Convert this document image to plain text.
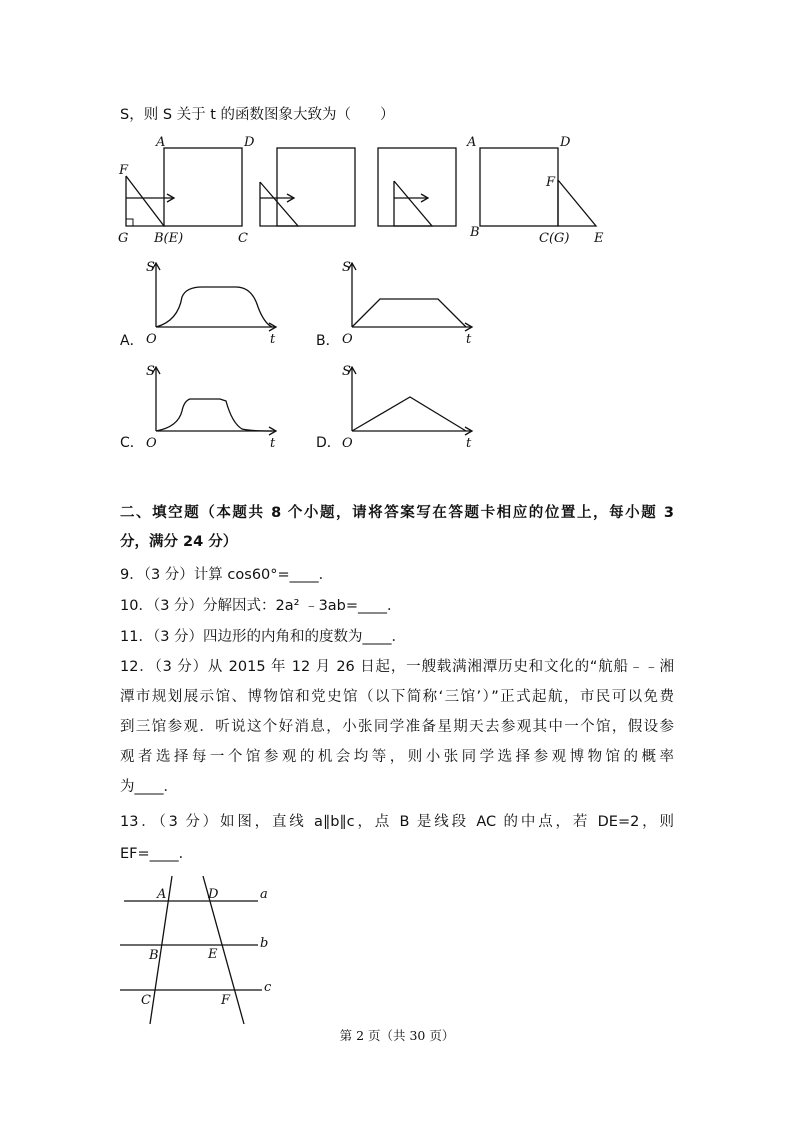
S，则 S 关于 t 的函数图象大致为（　　）
A	D
F
G B(E)	C
A	D
F
B	C(G) E
A．
S
t
O	B．
S
t
O
C．
S
t
O	D．
S
t
O
二、填空题（本题共 8 个小题，请将答案写在答题卡相应的位置上，每小题 3
分，满分 24 分）
9．（3 分）计算 cos60°=____．
10．（3 分）分解因式：2a² ﹣3ab=____．
11．（3 分）四边形的内角和的度数为____．
12．（3 分）从 2015 年 12 月 26 日起，一艘载满湘潭历史和文化的“航船﹣﹣湘
潭市规划展示馆、博物馆和党史馆（以下简称‘三馆’）”正式起航，市民可以免费
到三馆参观．听说这个好消息，小张同学准备星期天去参观其中一个馆，假设参
观者选择每一个馆参观的机会均等，则小张同学选择参观博物馆的概率
为____．
13．（3 分）如图，直线 a∥b∥c，点 B 是线段 AC 的中点，若 DE=2，则
EF=____．
A	D	a
B	E
b
C	F
c
第 2 页（共 30 页）
